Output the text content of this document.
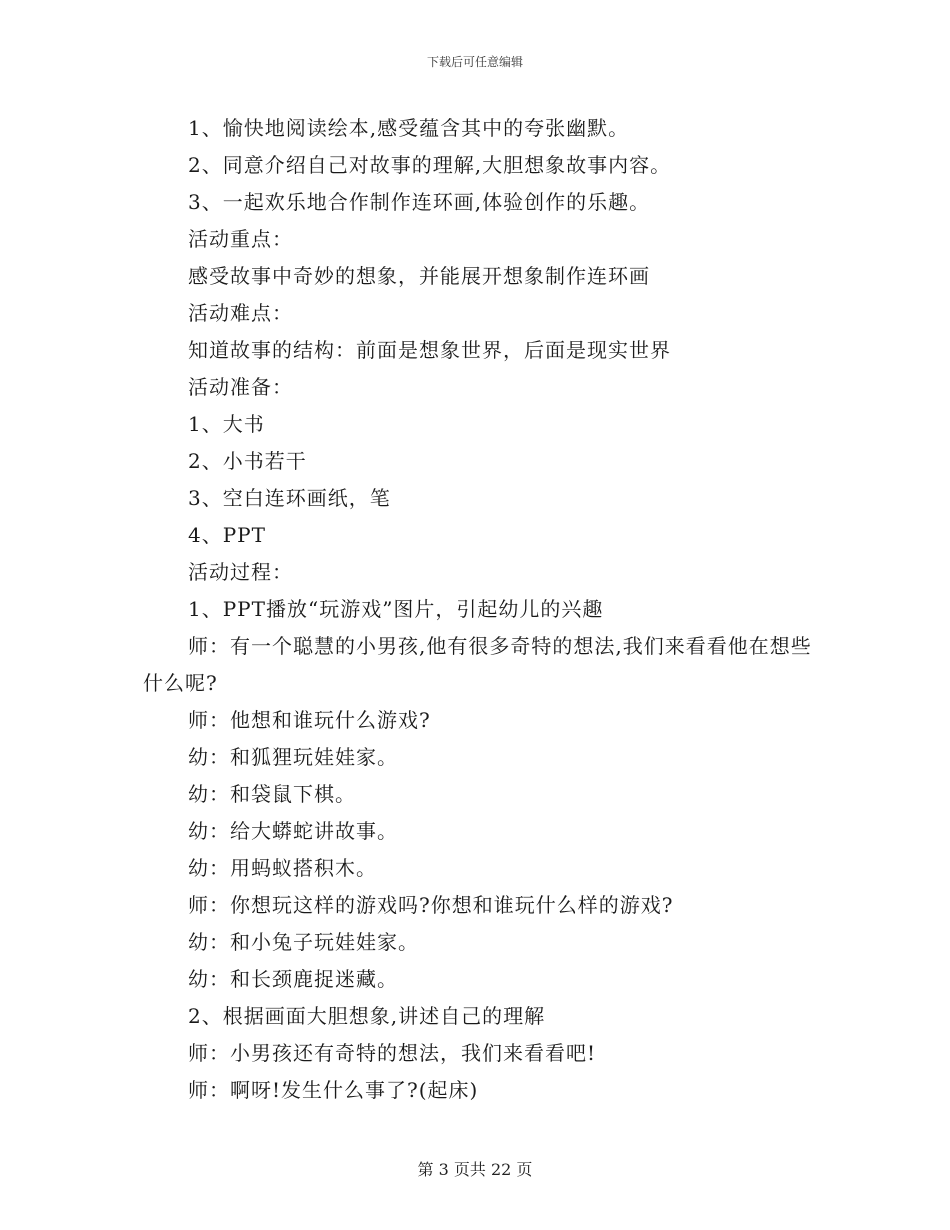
下载后可任意编辑
1、愉快地阅读绘本,感受蕴含其中的夸张幽默。
2、同意介绍自己对故事的理解,大胆想象故事内容。
3、一起欢乐地合作制作连环画,体验创作的乐趣。
活动重点：
感受故事中奇妙的想象，并能展开想象制作连环画
活动难点：
知道故事的结构：前面是想象世界，后面是现实世界
活动准备：
1、大书
2、小书若干
3、空白连环画纸，笔
4、PPT
活动过程：
1、PPT播放“玩游戏”图片，引起幼儿的兴趣
师：有一个聪慧的小男孩,他有很多奇特的想法,我们来看看他在想些什么呢?
师：他想和谁玩什么游戏?
幼：和狐狸玩娃娃家。
幼：和袋鼠下棋。
幼：给大蟒蛇讲故事。
幼：用蚂蚁搭积木。
师：你想玩这样的游戏吗?你想和谁玩什么样的游戏?
幼：和小兔子玩娃娃家。
幼：和长颈鹿捉迷藏。
2、根据画面大胆想象,讲述自己的理解
师：小男孩还有奇特的想法，我们来看看吧!
师：啊呀!发生什么事了?(起床)
第 3 页共 22 页
